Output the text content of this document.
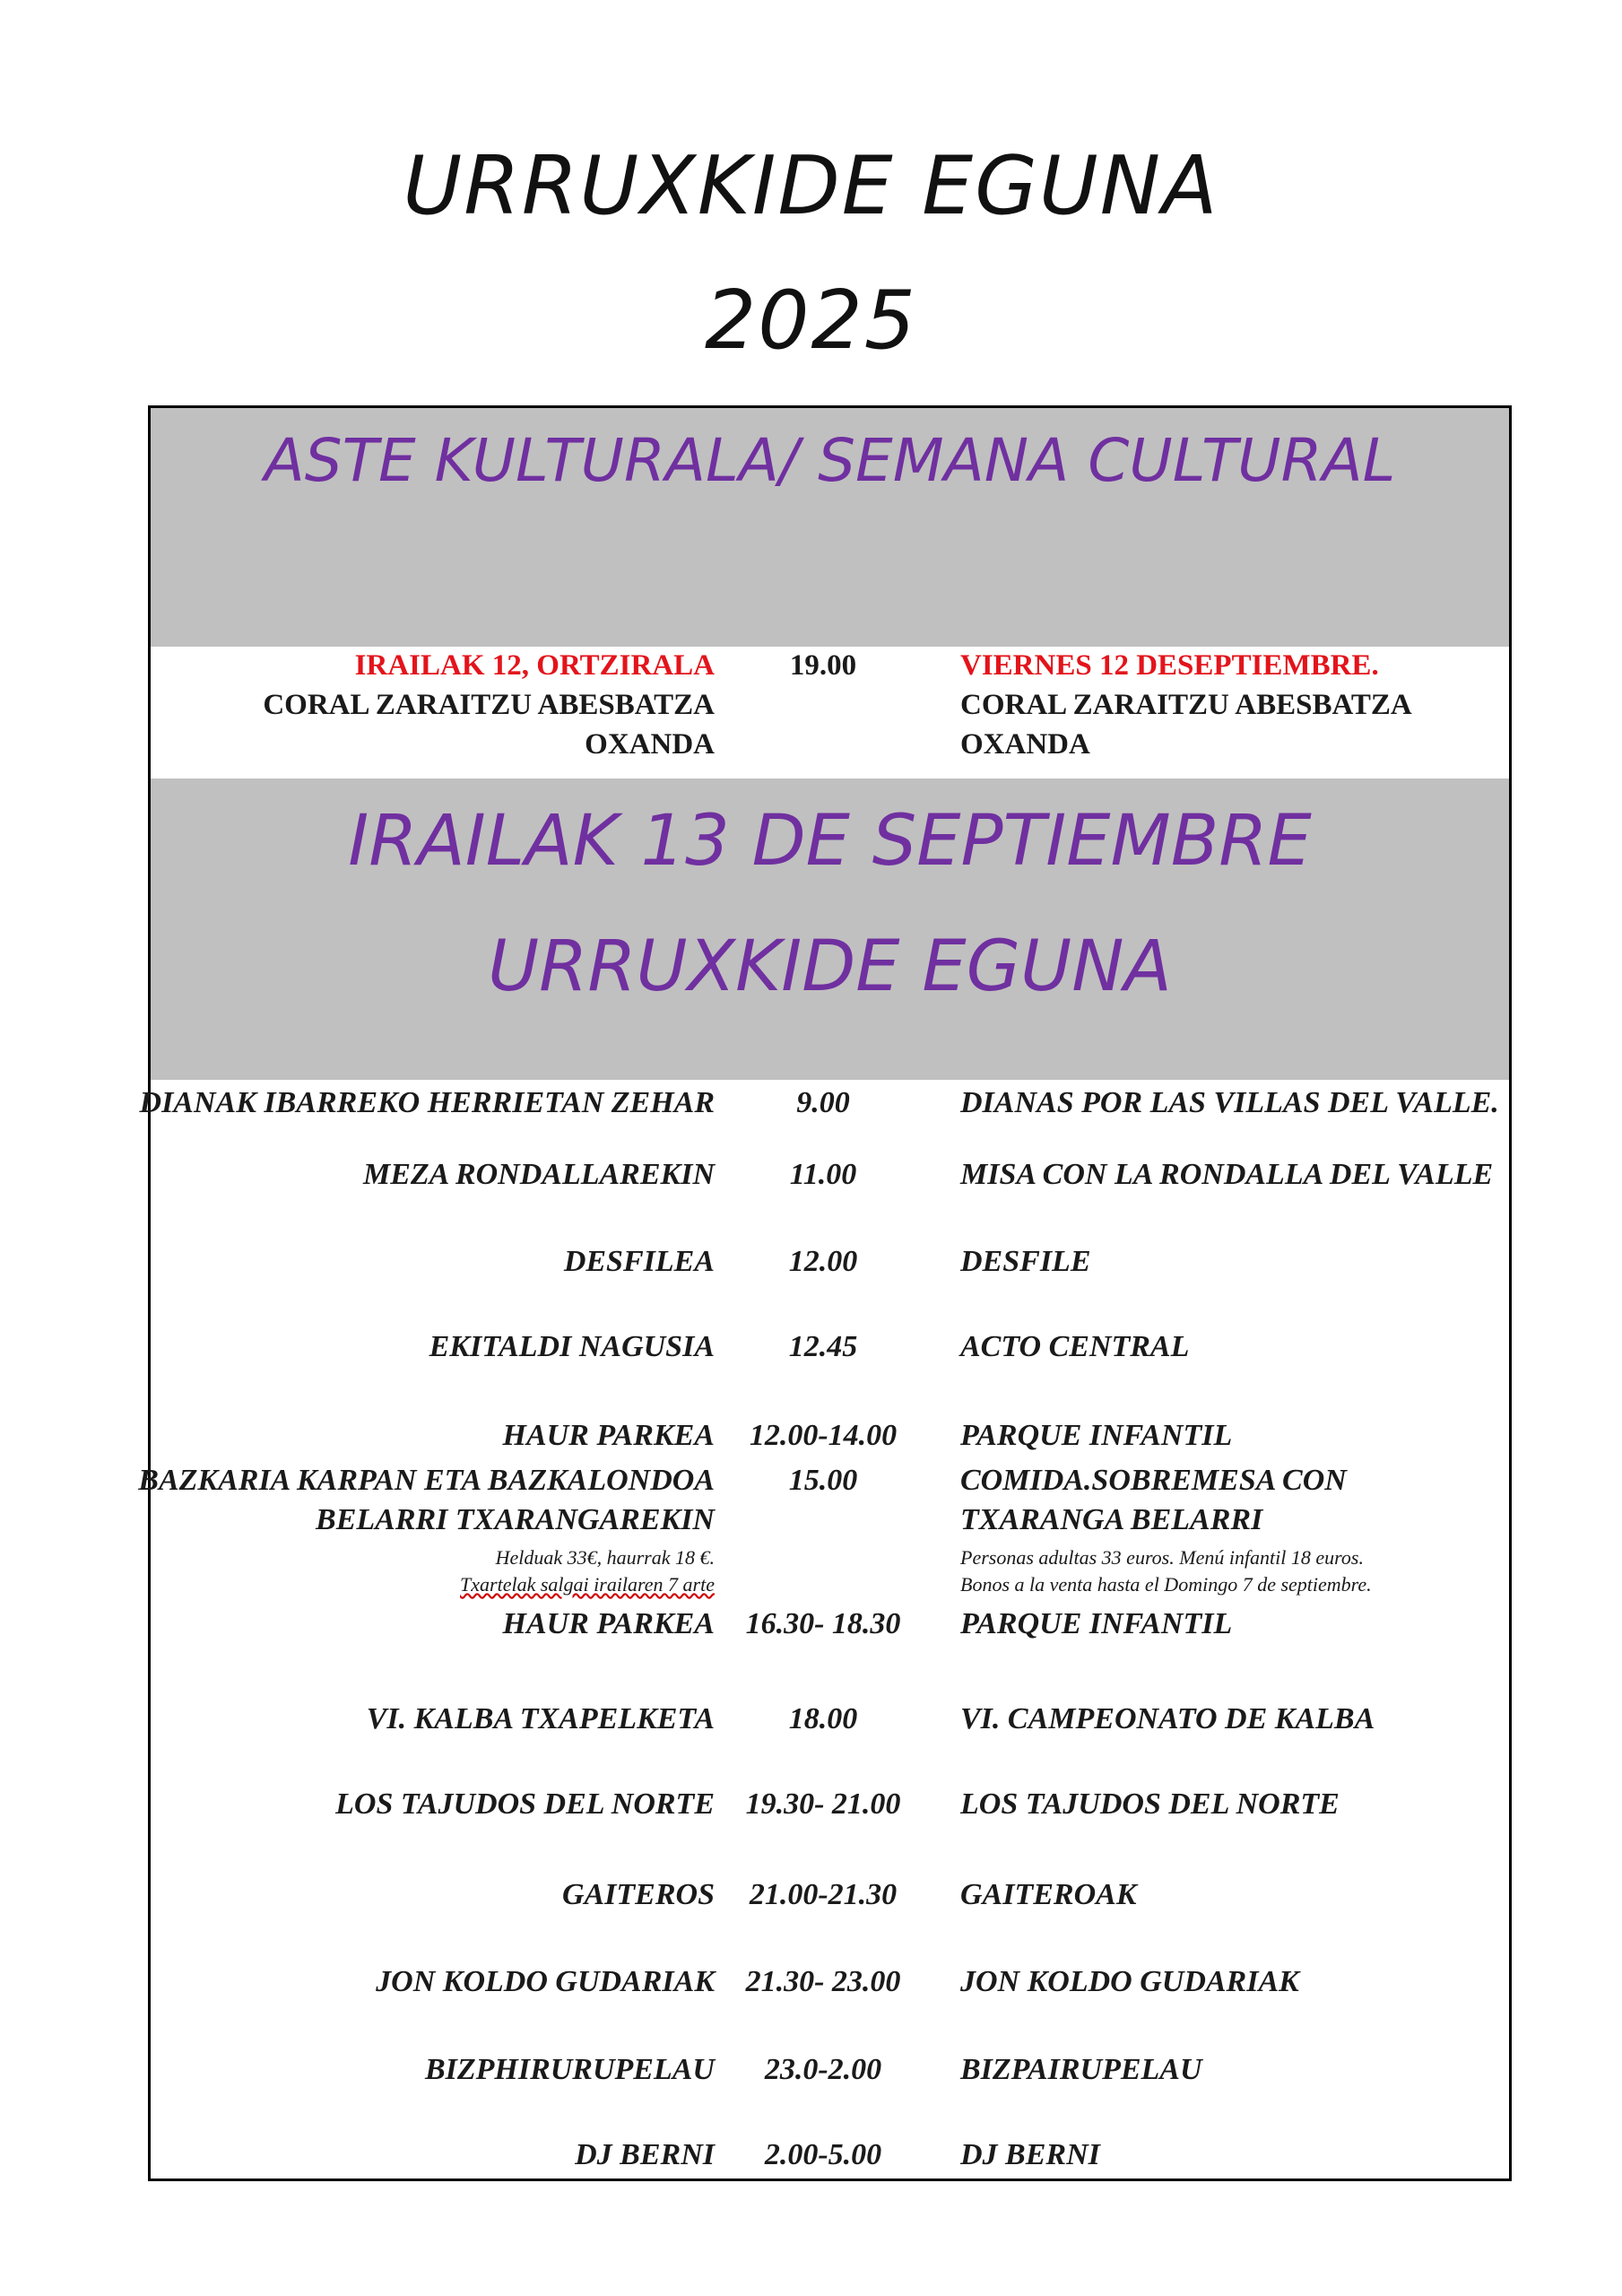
URRUXKIDE EGUNA
2025
ASTE KULTURALA/ SEMANA CULTURAL
IRAILAK 12, ORTZIRALA	19.00	VIERNES 12 DESEPTIEMBRE.
CORAL ZARAITZU ABESBATZA	CORAL ZARAITZU ABESBATZA
OXANDA	OXANDA
IRAILAK 13 DE SEPTIEMBRE
URRUXKIDE EGUNA
DIANAK IBARREKO HERRIETAN ZEHAR	9.00	DIANAS POR LAS VILLAS DEL VALLE.
MEZA RONDALLAREKIN	11.00	MISA CON LA RONDALLA DEL VALLE
DESFILEA	12.00	DESFILE
EKITALDI NAGUSIA	12.45	ACTO CENTRAL
HAUR PARKEA	12.00-14.00	PARQUE INFANTIL
BAZKARIA KARPAN ETA BAZKALONDOA	15.00	COMIDA.SOBREMESA CON
BELARRI TXARANGAREKIN	TXARANGA BELARRI
Helduak 33€, haurrak 18 €.
Txartelak salgai irailaren 7 arte
Personas adultas 33 euros. Menú infantil 18 euros.
Bonos a la venta hasta el Domingo 7 de septiembre.
HAUR PARKEA	16.30- 18.30	PARQUE INFANTIL
VI. KALBA TXAPELKETA	18.00	VI. CAMPEONATO DE KALBA
LOS TAJUDOS DEL NORTE	19.30- 21.00	LOS TAJUDOS DEL NORTE
GAITEROS	21.00-21.30	GAITEROAK
JON KOLDO GUDARIAK	21.30- 23.00	JON KOLDO GUDARIAK
BIZPHIRURUPELAU	23.0-2.00	BIZPAIRUPELAU
DJ BERNI	2.00-5.00	DJ BERNI
